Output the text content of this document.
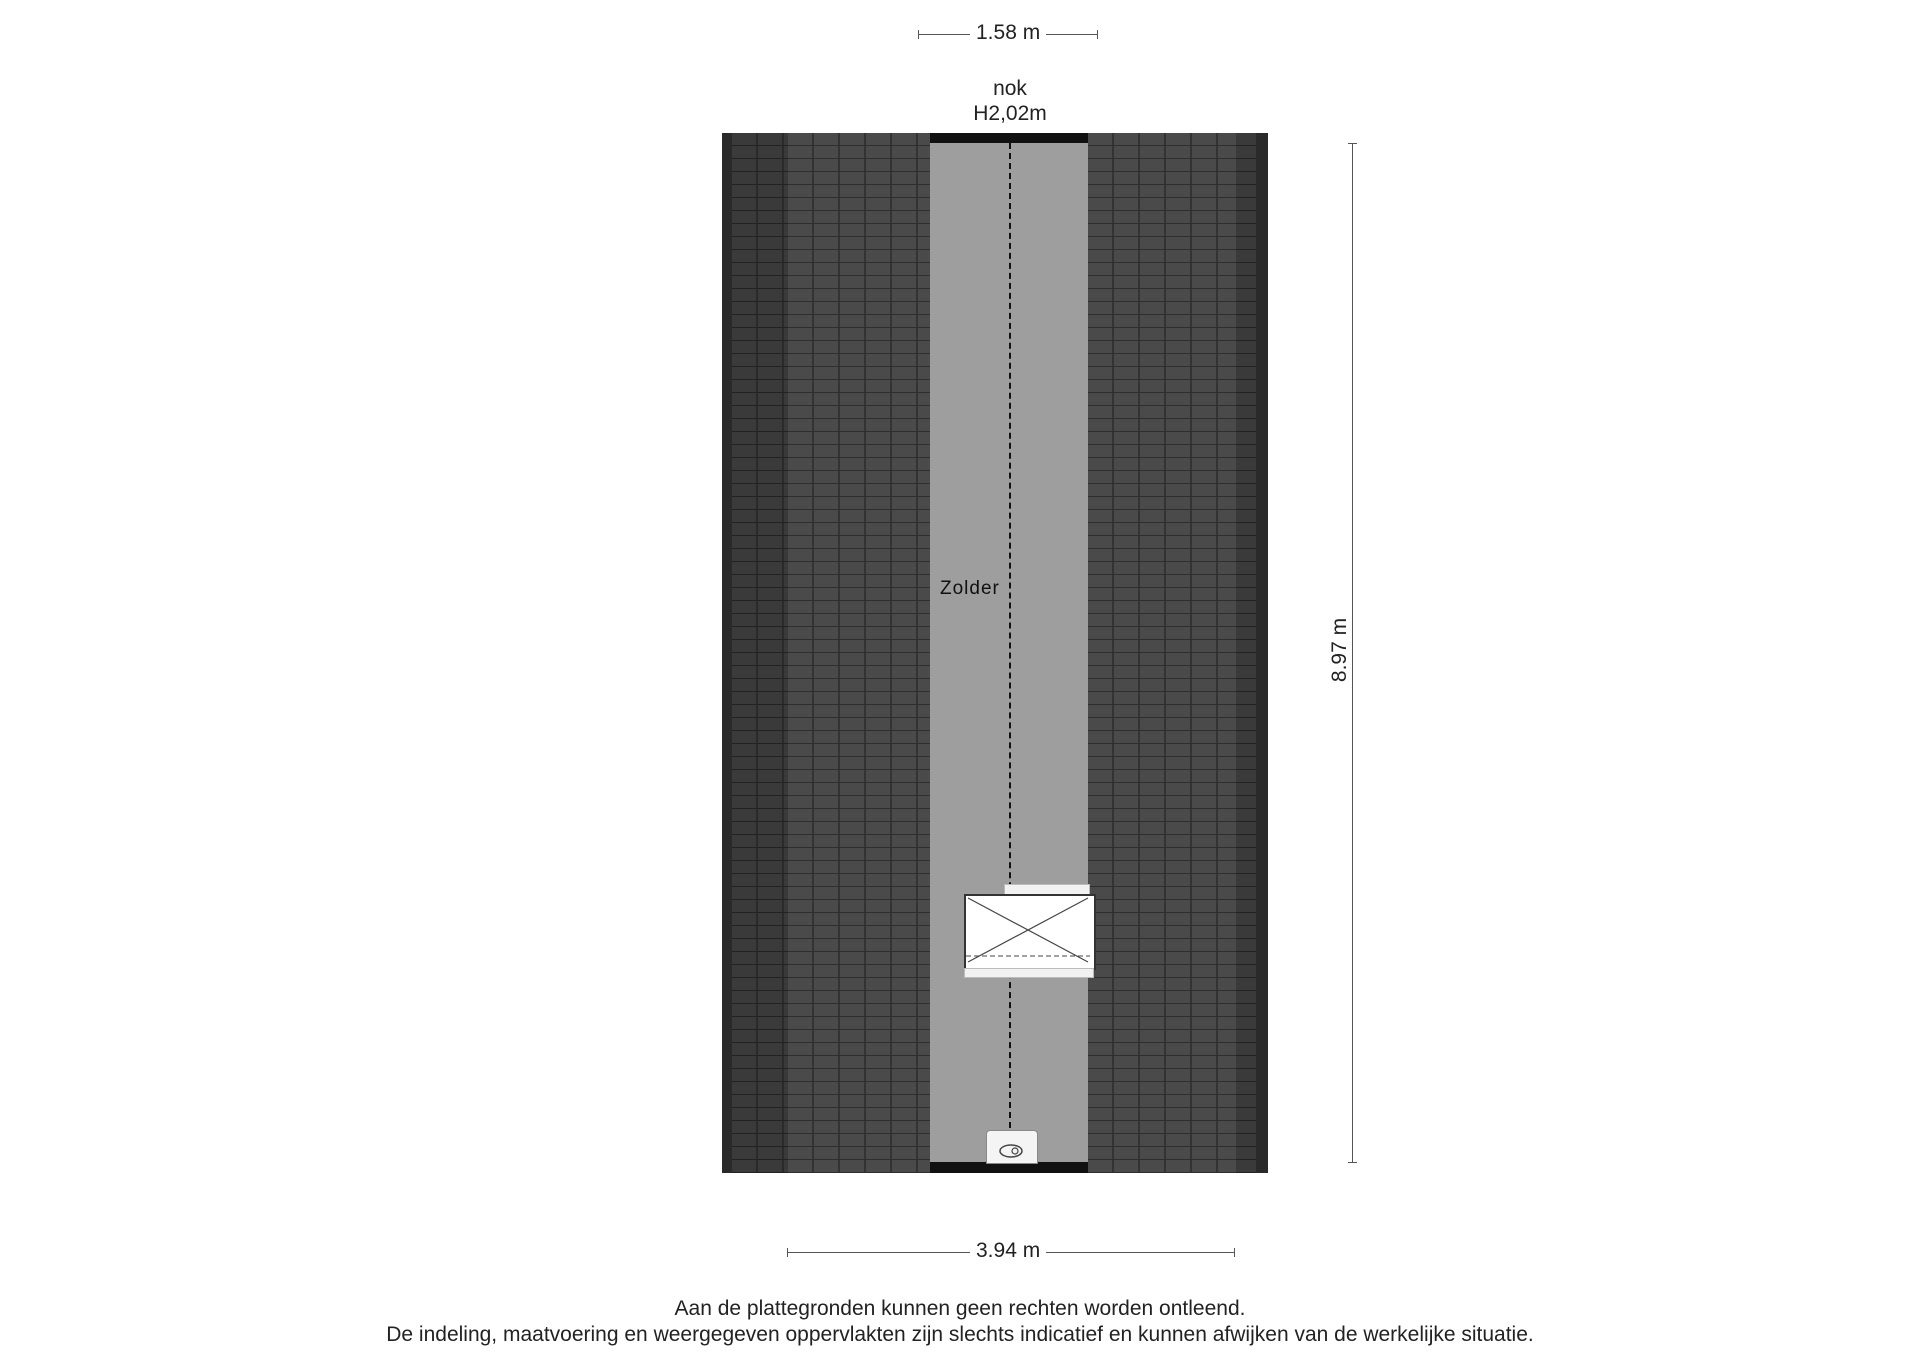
1.58 m
nok
H2,02m
Zolder
8.97 m
3.94 m
Aan de plattegronden kunnen geen rechten worden ontleend.
De indeling, maatvoering en weergegeven oppervlakten zijn slechts indicatief en kunnen afwijken van de werkelijke situatie.
